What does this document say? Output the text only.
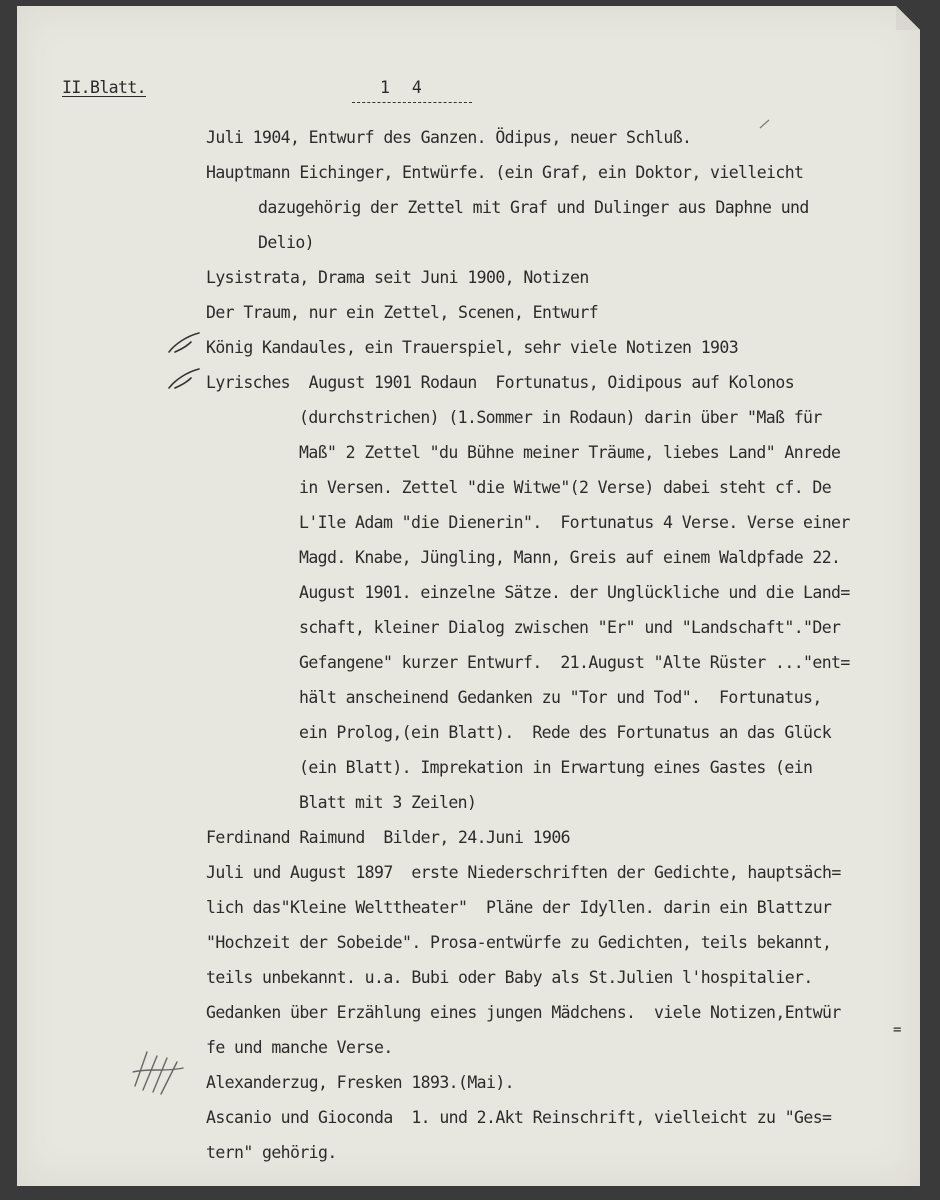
II.Blatt.	1 4
Juli 1904, Entwurf des Ganzen. Ödipus, neuer Schluß.
Hauptmann Eichinger, Entwürfe. (ein Graf, ein Doktor, vielleicht
dazugehörig der Zettel mit Graf und Dulinger aus Daphne und
Delio)
Lysistrata, Drama seit Juni 1900, Notizen
Der Traum, nur ein Zettel, Scenen, Entwurf
König Kandaules, ein Trauerspiel, sehr viele Notizen 1903
Lyrisches  August 1901 Rodaun  Fortunatus, Oidipous auf Kolonos
(durchstrichen) (1.Sommer in Rodaun) darin über "Maß für
Maß" 2 Zettel "du Bühne meiner Träume, liebes Land" Anrede
in Versen. Zettel "die Witwe"(2 Verse) dabei steht cf. De
L'Ile Adam "die Dienerin".  Fortunatus 4 Verse. Verse einer
Magd. Knabe, Jüngling, Mann, Greis auf einem Waldpfade 22.
August 1901. einzelne Sätze. der Unglückliche und die Land=
schaft, kleiner Dialog zwischen "Er" und "Landschaft"."Der
Gefangene" kurzer Entwurf.  21.August "Alte Rüster ..."ent=
hält anscheinend Gedanken zu "Tor und Tod".  Fortunatus,
ein Prolog,(ein Blatt).  Rede des Fortunatus an das Glück
(ein Blatt). Imprekation in Erwartung eines Gastes (ein
Blatt mit 3 Zeilen)
Ferdinand Raimund  Bilder, 24.Juni 1906
Juli und August 1897  erste Niederschriften der Gedichte, hauptsäch=
lich das"Kleine Welttheater"  Pläne der Idyllen. darin ein Blattzur
"Hochzeit der Sobeide". Prosa-entwürfe zu Gedichten, teils bekannt,
teils unbekannt. u.a. Bubi oder Baby als St.Julien l'hospitalier.
Gedanken über Erzählung eines jungen Mädchens.  viele Notizen,Entwür
fe und manche Verse.
Alexanderzug, Fresken 1893.(Mai).
Ascanio und Gioconda  1. und 2.Akt Reinschrift, vielleicht zu "Ges=
tern" gehörig.
=
